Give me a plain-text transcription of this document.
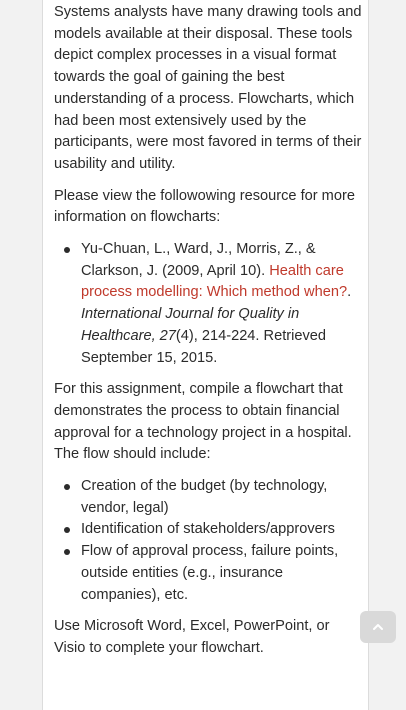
Systems analysts have many drawing tools and models available at their disposal. These tools depict complex processes in a visual format towards the goal of gaining the best understanding of a process. Flowcharts, which had been most extensively used by the participants, were most favored in terms of their usability and utility.

Please view the followowing resource for more information on flowcharts:

Yu-Chuan, L., Ward, J., Morris, Z., & Clarkson, J. (2009, April 10). Health care process modelling: Which method when?. International Journal for Quality in Healthcare, 27(4), 214-224. Retrieved September 15, 2015.

For this assignment, compile a flowchart that demonstrates the process to obtain financial approval for a technology project in a hospital. The flow should include:

Creation of the budget (by technology, vendor, legal)
Identification of stakeholders/approvers
Flow of approval process, failure points, outside entities (e.g., insurance companies), etc.

Use Microsoft Word, Excel, PowerPoint, or Visio to complete your flowchart.
